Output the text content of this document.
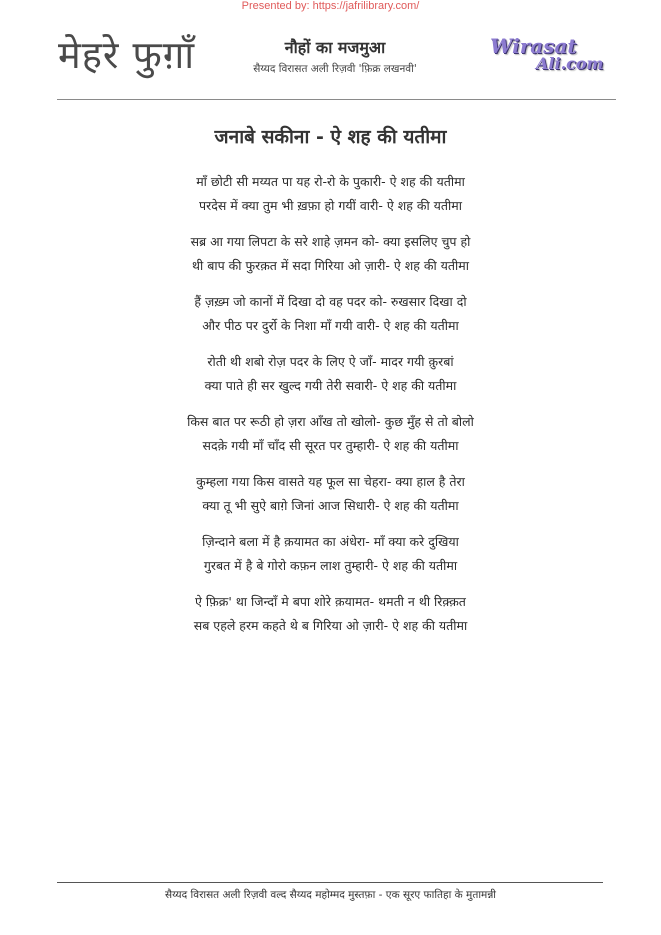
Presented by: https://jafrilibrary.com/
मेहरे फुग़ाँ	नौहों का मजमुआ
सैय्यद विरासत अली रिज़वी 'फ़िक्र लखनवी'
Wirasat
Ali.com
जनाबे सकीना - ऐ शह की यतीमा
माँ छोटी सी मय्यत पा यह रो-रो के पुकारी- ऐ शह की यतीमा
परदेस में क्या तुम भी ख़फ़ा हो गयीं वारी- ऐ शह की यतीमा
सब्र आ गया लिपटा के सरे शाहे ज़मन को- क्या इसलिए चुप हो
थी बाप की फुरक़त में सदा गिरिया ओ ज़ारी- ऐ शह की यतीमा
हैं ज़ख़्म जो कानों में दिखा दो वह पदर को- रुखसार दिखा दो
और पीठ पर दुर्रो के निशा माँ गयी वारी- ऐ शह की यतीमा
रोती थी शबो रोज़ पदर के लिए ऐ जाँ- मादर गयी क़ुरबां
क्या पाते ही सर खुल्द गयी तेरी सवारी- ऐ शह की यतीमा
किस बात पर रूठी हो ज़रा आँख तो खोलो- कुछ मुँह से तो बोलो
सदक़े गयी माँ चाँद सी सूरत पर तुम्हारी- ऐ शह की यतीमा
कुम्हला गया किस वासते यह फूल सा चेहरा- क्या हाल है तेरा
क्या तू भी सुऐ बाग़े जिनां आज सिधारी- ऐ शह की यतीमा
ज़िन्दाने बला में है क़यामत का अंधेरा- माँ क्या करे दुखिया
गुरबत में है बे गोरो कफ़न लाश तुम्हारी- ऐ शह की यतीमा
ऐ फ़िक्र' था जिन्दाँ मे बपा शोरे क़यामत- थमती न थी रिक़्क़त
सब एहले हरम कहते थे ब गिरिया ओ ज़ारी- ऐ शह की यतीमा
सैय्यद विरासत अली रिज़वी वल्द सैय्यद महोम्मद मुस्तफ़ा - एक सूरए फातिहा के मुतामन्नी
